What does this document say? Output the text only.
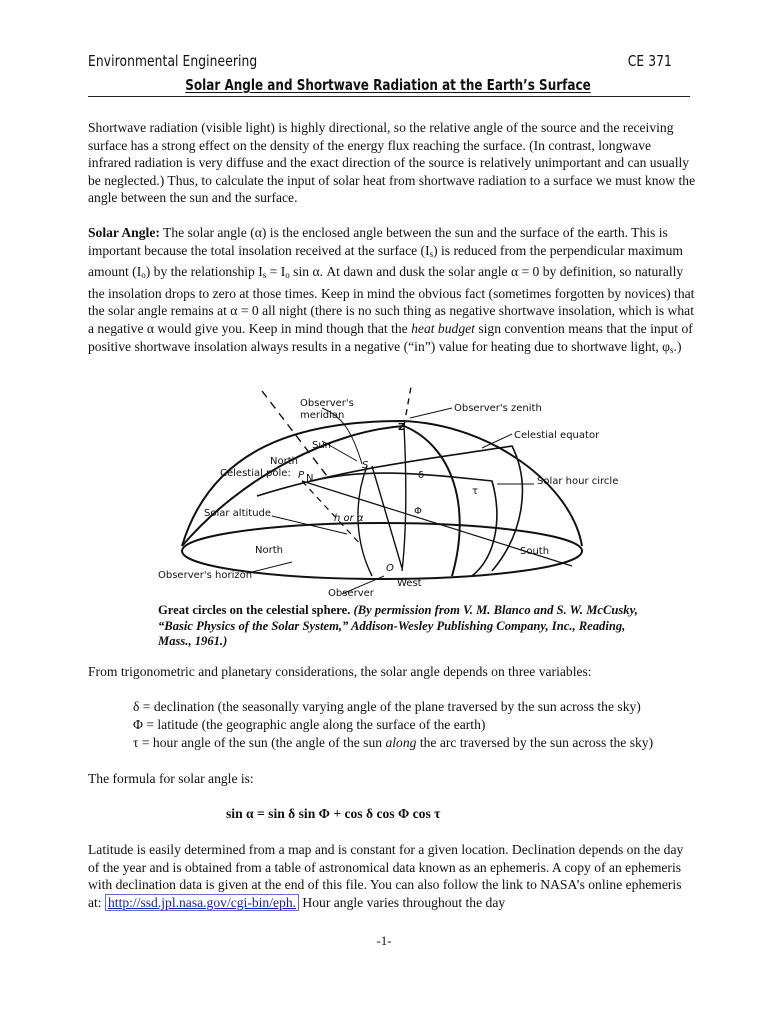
Environmental Engineering	CE 371
Solar Angle and Shortwave Radiation at the Earth’s Surface
Shortwave radiation (visible light) is highly directional, so the relative angle of the source and the receiving surface has a strong effect on the density of the energy flux reaching the surface. (In contrast, longwave infrared radiation is very diffuse and the exact direction of the source is relatively unimportant and can usually be neglected.) Thus, to calculate the input of solar heat from shortwave radiation to a surface we must know the angle between the sun and the surface.
Solar Angle: The solar angle (α) is the enclosed angle between the sun and the surface of the earth. This is important because the total insolation received at the surface $(I_s)$ is reduced from the perpendicular maximum amount $(I_o)$ by the relationship $I_s = I_o$ sin α. At dawn and dusk the solar angle α = 0 by definition, so naturally the insolation drops to zero at those times. Keep in mind the obvious fact (sometimes forgotten by novices) that the solar angle remains at α = 0 all night (there is no such thing as negative shortwave insolation, which is what a negative α would give you. Keep in mind though that the heat budget sign convention means that the input of positive shortwave insolation always results in a negative (“in”) value for heating due to shortwave light, $\varphi_s$.)
Observer's
meridian
Observer's zenith
Celestial equator
Sun
North
Celestial pole: P N	Solar hour circle
Solar altitude	h or α
North	South
Observer's horizon
West
Observer
Z
S
O
δ
Φ
τ
Great circles on the celestial sphere. (By permission from V. M. Blanco and S. W. McCusky, “Basic Physics of the Solar System,” Addison-Wesley Publishing Company, Inc., Reading, Mass., 1961.)
From trigonometric and planetary considerations, the solar angle depends on three variables:
δ = declination (the seasonally varying angle of the plane traversed by the sun across the sky)
Φ = latitude (the geographic angle along the surface of the earth)
τ = hour angle of the sun (the angle of the sun along the arc traversed by the sun across the sky)
The formula for solar angle is:
sin α = sin δ sin Φ + cos δ cos Φ cos τ
Latitude is easily determined from a map and is constant for a given location. Declination depends on the day of the year and is obtained from a table of astronomical data known as an ephemeris. A copy of an ephemeris with declination data is given at the end of this file. You can also follow the link to NASA’s online ephemeris at: http://ssd.jpl.nasa.gov/cgi-bin/eph. Hour angle varies throughout the day
-1-
